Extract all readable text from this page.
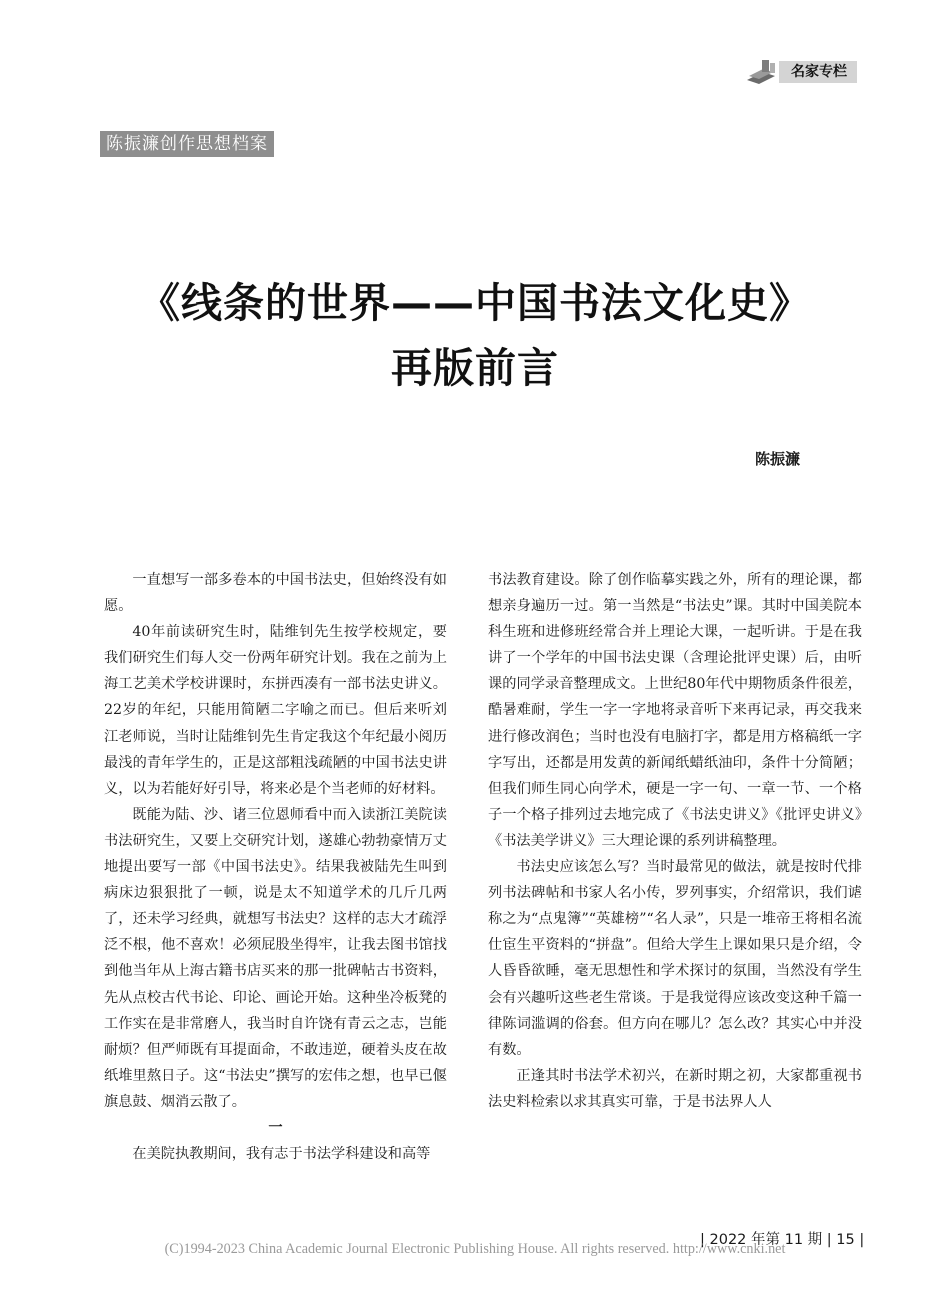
名家专栏
陈振濂创作思想档案
《线条的世界——中国书法文化史》
再版前言
陈振濂

一直想写一部多卷本的中国书法史，但始终没有如愿。

40年前读研究生时，陆维钊先生按学校规定，要我们研究生们每人交一份两年研究计划。我在之前为上海工艺美术学校讲课时，东拼西凑有一部书法史讲义。22岁的年纪，只能用简陋二字喻之而已。但后来听刘江老师说，当时让陆维钊先生肯定我这个年纪最小阅历最浅的青年学生的，正是这部粗浅疏陋的中国书法史讲义，以为若能好好引导，将来必是个当老师的好材料。

既能为陆、沙、诸三位恩师看中而入读浙江美院读书法研究生，又要上交研究计划，遂雄心勃勃豪情万丈地提出要写一部《中国书法史》。结果我被陆先生叫到病床边狠狠批了一顿，说是太不知道学术的几斤几两了，还未学习经典，就想写书法史？这样的志大才疏浮泛不根，他不喜欢！必须屁股坐得牢，让我去图书馆找到他当年从上海古籍书店买来的那一批碑帖古书资料，先从点校古代书论、印论、画论开始。这种坐冷板凳的工作实在是非常磨人，我当时自许饶有青云之志，岂能耐烦？但严师既有耳提面命，不敢违逆，硬着头皮在故纸堆里熬日子。这“书法史”撰写的宏伟之想，也早已偃旗息鼓、烟消云散了。

一

在美院执教期间，我有志于书法学科建设和高等

书法教育建设。除了创作临摹实践之外，所有的理论课，都想亲身遍历一过。第一当然是“书法史”课。其时中国美院本科生班和进修班经常合并上理论大课，一起听讲。于是在我讲了一个学年的中国书法史课（含理论批评史课）后，由听课的同学录音整理成文。上世纪80年代中期物质条件很差，酷暑难耐，学生一字一字地将录音听下来再记录，再交我来进行修改润色；当时也没有电脑打字，都是用方格稿纸一字字写出，还都是用发黄的新闻纸蜡纸油印，条件十分简陋；但我们师生同心向学术，硬是一字一句、一章一节、一个格子一个格子排列过去地完成了《书法史讲义》《批评史讲义》《书法美学讲义》三大理论课的系列讲稿整理。

书法史应该怎么写？当时最常见的做法，就是按时代排列书法碑帖和书家人名小传，罗列事实，介绍常识，我们谑称之为“点鬼簿”“英雄榜”“名人录”，只是一堆帝王将相名流仕宦生平资料的“拼盘”。但给大学生上课如果只是介绍，令人昏昏欲睡，毫无思想性和学术探讨的氛围，当然没有学生会有兴趣听这些老生常谈。于是我觉得应该改变这种千篇一律陈词滥调的俗套。但方向在哪儿？怎么改？其实心中并没有数。

正逢其时书法学术初兴，在新时期之初，大家都重视书法史料检索以求其真实可靠，于是书法界人人

| 2022 年第 11 期 | 15 |
(C)1994-2023 China Academic Journal Electronic Publishing House. All rights reserved. http://www.cnki.net
